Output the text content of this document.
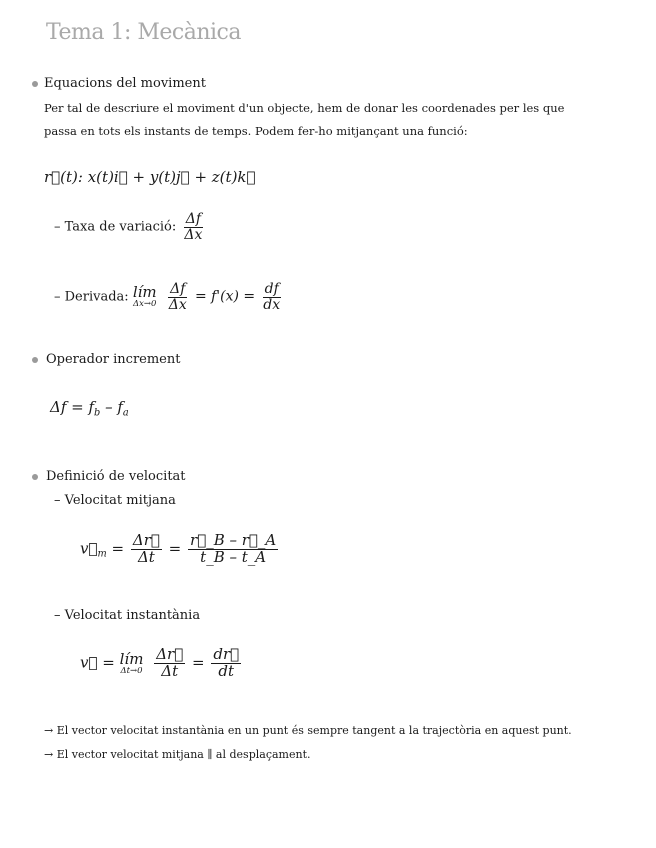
Tema 1: Mecànica
Equacions del moviment
Per tal de descriure el moviment d'un objecte, hem de donar les coordenades per les que
passa en tots els instants de temps. Podem fer-ho mitjançant una funció:
r⃗(t): x(t)i⃗ + y(t)j⃗ + z(t)k⃗
– Taxa de variació: $\frac{\Delta f}{\Delta x}$
– Derivada: lím
Δx→0
$\frac{\Delta f}{\Delta x} = f'(x) = \frac{df}{dx}$
Operador increment
$\Delta f = f_b - f_a$
Definició de velocitat
– Velocitat mitjana
$v⃗_m = \frac{\Delta r⃗}{\Delta t} = \frac{r⃗\_B - r⃗\_A}{t\_B - t\_A}$
– Velocitat instantània
v⃗ = lím
Δt→0
$\frac{\Delta r⃗}{\Delta t} = \frac{dr⃗}{dt}$
→ El vector velocitat instantània en un punt és sempre tangent a la trajectòria en aquest punt.
→ El vector velocitat mitjana ∥ al desplaçament.
